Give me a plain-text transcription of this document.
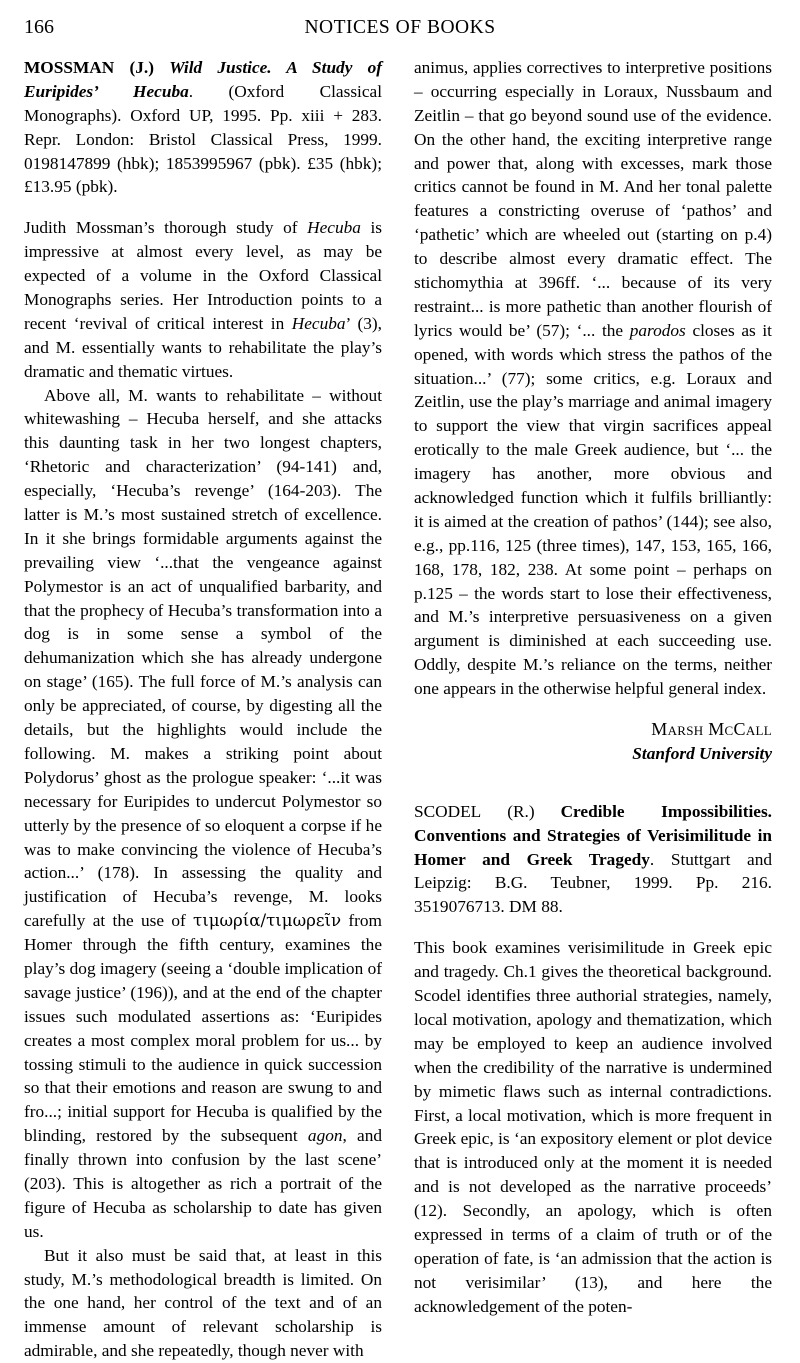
166	NOTICES OF BOOKS

MOSSMAN (J.) Wild Justice. A Study of Euripides’ Hecuba. (Oxford Classical Monographs). Oxford UP, 1995. Pp. xiii + 283. Repr. London: Bristol Classical Press, 1999. 0198147899 (hbk); 1853995967 (pbk). £35 (hbk); £13.95 (pbk).

Judith Mossman’s thorough study of Hecuba is impressive at almost every level, as may be expected of a volume in the Oxford Classical Monographs series. Her Introduction points to a recent ‘revival of critical interest in Hecuba’ (3), and M. essentially wants to rehabilitate the play’s dramatic and thematic virtues.

Above all, M. wants to rehabilitate – without whitewashing – Hecuba herself, and she attacks this daunting task in her two longest chapters, ‘Rhetoric and characterization’ (94-141) and, especially, ‘Hecuba’s revenge’ (164-203). The latter is M.’s most sustained stretch of excellence. In it she brings formidable arguments against the prevailing view ‘...that the vengeance against Polymestor is an act of unqualified barbarity, and that the prophecy of Hecuba’s transformation into a dog is in some sense a symbol of the dehumanization which she has already undergone on stage’ (165). The full force of M.’s analysis can only be appreciated, of course, by digesting all the details, but the highlights would include the following. M. makes a striking point about Polydorus’ ghost as the prologue speaker: ‘...it was necessary for Euripides to undercut Polymestor so utterly by the presence of so eloquent a corpse if he was to make convincing the violence of Hecuba’s action...’ (178). In assessing the quality and justification of Hecuba’s revenge, M. looks carefully at the use of τιμωρία/τιμωρεῖν from Homer through the fifth century, examines the play’s dog imagery (seeing a ‘double implication of savage justice’ (196)), and at the end of the chapter issues such modulated assertions as: ‘Euripides creates a most complex moral problem for us... by tossing stimuli to the audience in quick succession so that their emotions and reason are swung to and fro...; initial support for Hecuba is qualified by the blinding, restored by the subsequent agon, and finally thrown into confusion by the last scene’ (203). This is altogether as rich a portrait of the figure of Hecuba as scholarship to date has given us.

But it also must be said that, at least in this study, M.’s methodological breadth is limited. On the one hand, her control of the text and of an immense amount of relevant scholarship is admirable, and she repeatedly, though never with

animus, applies correctives to interpretive positions – occurring especially in Loraux, Nussbaum and Zeitlin – that go beyond sound use of the evidence. On the other hand, the exciting interpretive range and power that, along with excesses, mark those critics cannot be found in M. And her tonal palette features a constricting overuse of ‘pathos’ and ‘pathetic’ which are wheeled out (starting on p.4) to describe almost every dramatic effect. The stichomythia at 396ff. ‘... because of its very restraint... is more pathetic than another flourish of lyrics would be’ (57); ‘... the parodos closes as it opened, with words which stress the pathos of the situation...’ (77); some critics, e.g. Loraux and Zeitlin, use the play’s marriage and animal imagery to support the view that virgin sacrifices appeal erotically to the male Greek audience, but ‘... the imagery has another, more obvious and acknowledged function which it fulfils brilliantly: it is aimed at the creation of pathos’ (144); see also, e.g., pp.116, 125 (three times), 147, 153, 165, 166, 168, 178, 182, 238. At some point – perhaps on p.125 – the words start to lose their effectiveness, and M.’s interpretive persuasiveness on a given argument is diminished at each succeeding use. Oddly, despite M.’s reliance on the terms, neither one appears in the otherwise helpful general index.

Marsh McCall

Stanford University

SCODEL (R.) Credible Impossibilities. Conventions and Strategies of Verisimilitude in Homer and Greek Tragedy. Stuttgart and Leipzig: B.G. Teubner, 1999. Pp. 216. 3519076713. DM 88.

This book examines verisimilitude in Greek epic and tragedy. Ch.1 gives the theoretical background. Scodel identifies three authorial strategies, namely, local motivation, apology and thematization, which may be employed to keep an audience involved when the credibility of the narrative is undermined by mimetic flaws such as internal contradictions. First, a local motivation, which is more frequent in Greek epic, is ‘an expository element or plot device that is introduced only at the moment it is needed and is not developed as the narrative proceeds’ (12). Secondly, an apology, which is often expressed in terms of a claim of truth or of the operation of fate, is ‘an admission that the action is not verisimilar’ (13), and here the acknowledgement of the poten-
